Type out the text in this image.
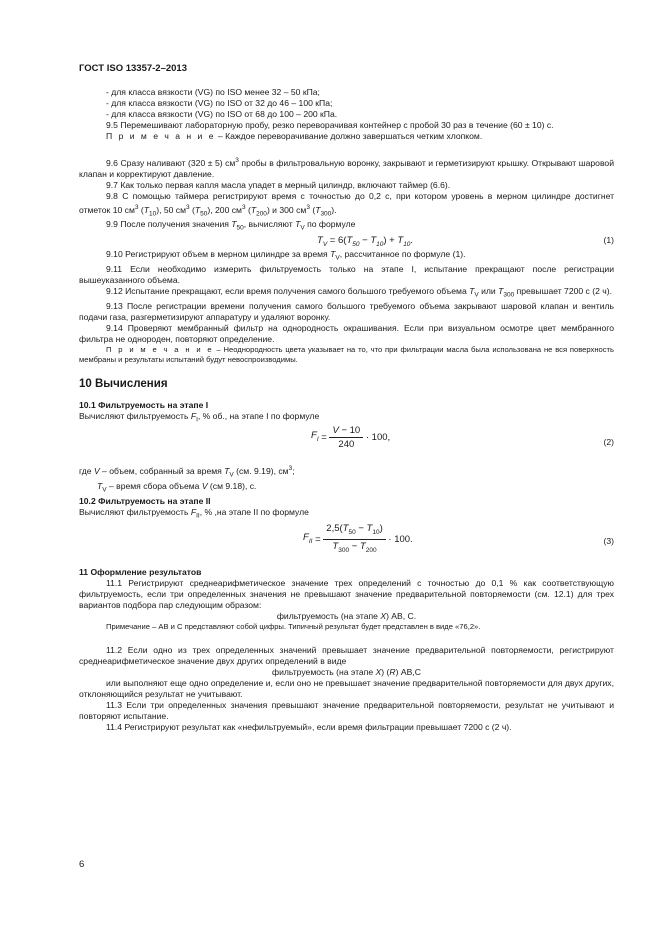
ГОСТ ISO 13357-2–2013

- для класса вязкости (VG) по ISO менее 32 – 50 кПа;

- для класса вязкости (VG) по ISO от 32 до 46 – 100 кПа;

- для класса вязкости (VG) по ISO от 68 до 100 – 200 кПа.

9.5 Перемешивают лабораторную пробу, резко переворачивая контейнер с пробой 30 раз в течение (60 ± 10) с.

П р и м е ч а н и е – Каждое переворачивание должно завершаться четким хлопком.

9.6 Сразу наливают (320 ± 5) $см^3$ пробы в фильтровальную воронку, закрывают и герметизируют крышку. Открывают шаровой клапан и корректируют давление.

9.7 Как только первая капля масла упадет в мерный цилиндр, включают таймер (6.6).

9.8 С помощью таймера регистрируют время с точностью до 0,2 с, при котором уровень в мерном цилиндре достигнет отметок 10 $см^3$ $(T_{10})$, 50 $см^3$ $(T_{50})$, 200 $см^3$ $(T_{200})$ и 300 $см^3$ $(T_{300})$.

9.9 После получения значения $T_{50}$, вычисляют $T_V$ по формуле

$T_V = 6(T_{50} - T_{10}) + T_{10}$.	(1)

9.10 Регистрируют объем в мерном цилиндре за время $T_V$, рассчитанное по формуле (1).

9.11 Если необходимо измерить фильтруемость только на этапе I, испытание прекращают после регистрации вышеуказанного объема.

9.12 Испытание прекращают, если время получения самого большого требуемого объема $T_V$ или $T_{300}$ превышает 7200 с (2 ч).

9.13 После регистрации времени получения самого большого требуемого объема закрывают шаровой клапан и вентиль подачи газа, разгерметизируют аппаратуру и удаляют воронку.

9.14 Проверяют мембранный фильтр на однородность окрашивания. Если при визуальном осмотре цвет мембранного фильтра не однороден, повторяют определение.

П р и м е ч а н и е – Неоднородность цвета указывает на то, что при фильтрации масла была использована не вся поверхность мембраны и результаты испытаний будут невоспроизводимы.

10 Вычисления

10.1 Фильтруемость на этапе I

Вычисляют фильтруемость $F_I$, % об., на этапе I по формуле

$F_I = \frac{V - 10}{240} \cdot 100$,	(2)

где V – объем, собранный за время $T_V$ (см. 9.19), $см^3$;

$T_V$ – время сбора объема V (см 9.18), с.

10.2 Фильтруемость на этапе II

Вычисляют фильтруемость $F_{II}$, % ,на этапе II по формуле

$F_{II} = \frac{2,5(T_{50} - T_{10})}{T_{300} - T_{200}} \cdot 100$.	(3)

11 Оформление результатов

11.1 Регистрируют среднеарифметическое значение трех определений с точностью до 0,1 % как соответствующую фильтруемость, если три определенных значения не превышают значение предварительной повторяемости (см. 12.1) для трех вариантов подбора пар следующим образом:

фильтруемость (на этапе X) АВ, С.

Примечание – АВ и С представляют собой цифры. Типичный результат будет представлен в виде «76,2».

11.2 Если одно из трех определенных значений превышает значение предварительной повторяемости, регистрируют среднеарифметическое значение двух других определений в виде

фильтруемость (на этапе X) (R) АВ,С

или выполняют еще одно определение и, если оно не превышает значение предварительной повторяемости для двух других, отклоняющийся результат не учитывают.

11.3 Если три определенных значения превышают значение предварительной повторяемости, результат не учитывают и повторяют испытание.

11.4 Регистрируют результат как «нефильтруемый», если время фильтрации превышает 7200 с (2 ч).

6
